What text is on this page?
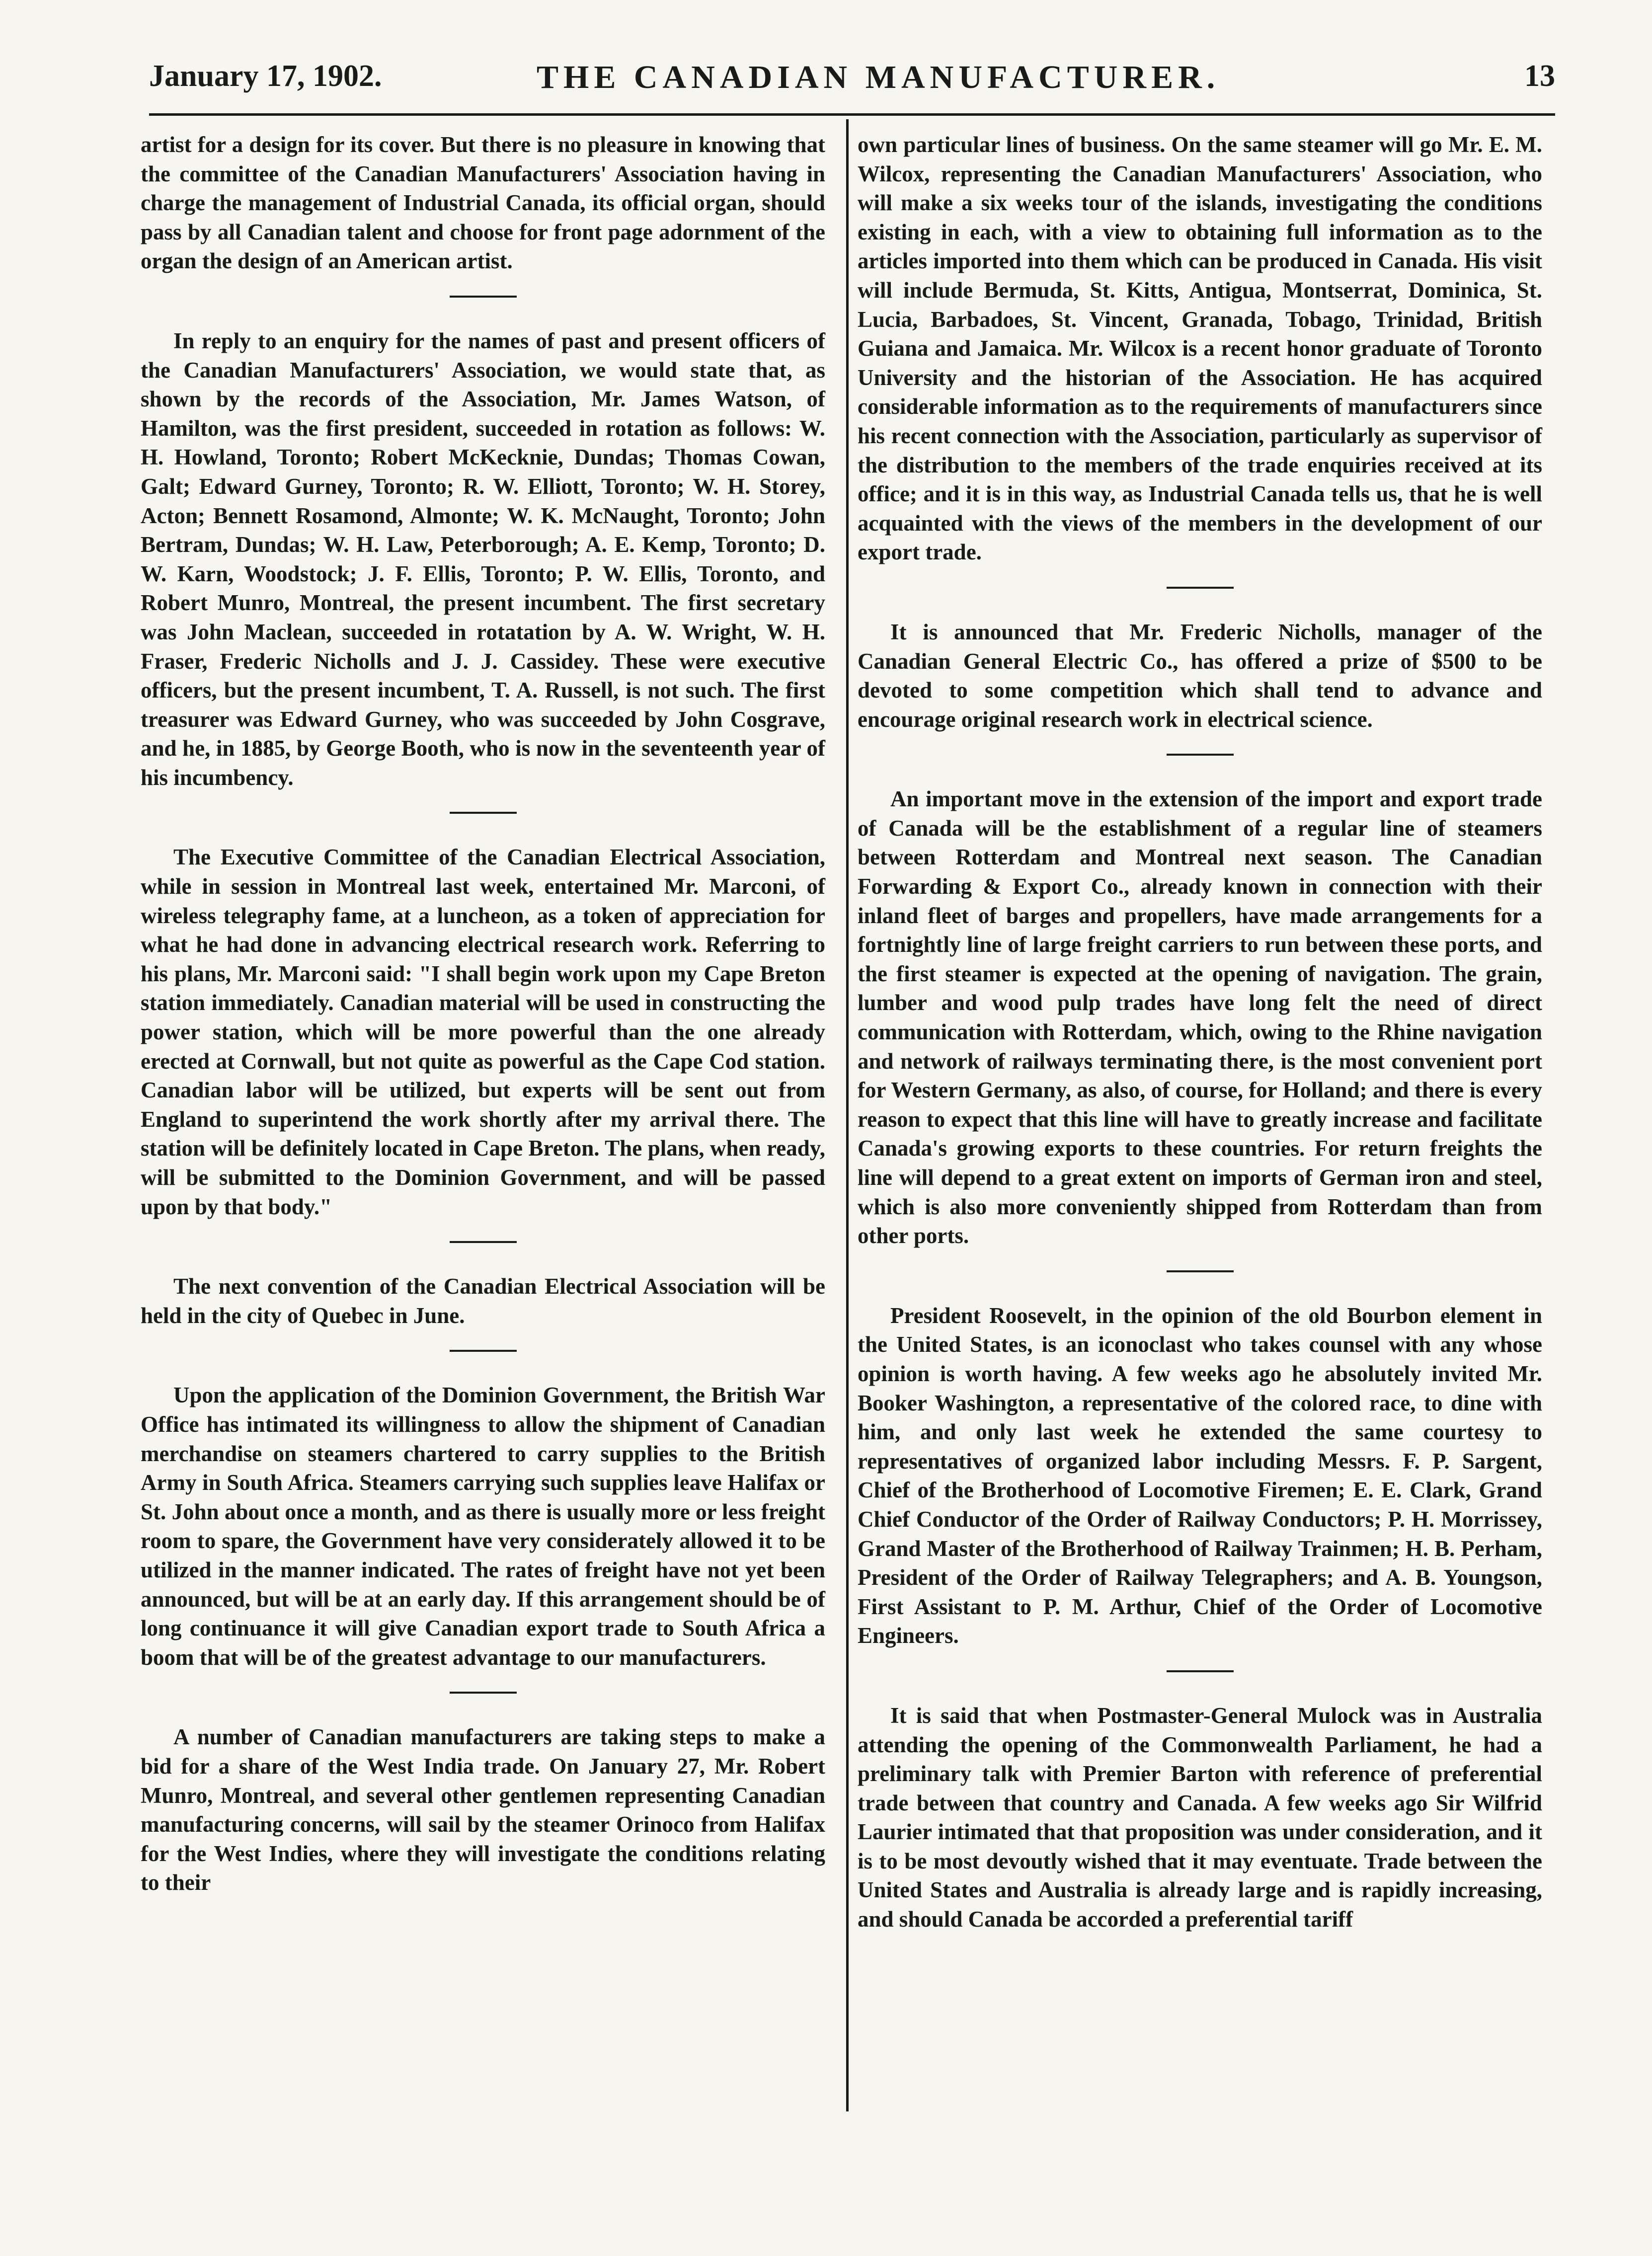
January 17, 1902.	THE CANADIAN MANUFACTURER.	13

artist for a design for its cover. But there is no pleasure in knowing that the committee of the Canadian Manufacturers' Association having in charge the management of Industrial Canada, its official organ, should pass by all Canadian talent and choose for front page adornment of the organ the design of an American artist.

In reply to an enquiry for the names of past and present officers of the Canadian Manufacturers' Association, we would state that, as shown by the records of the Association, Mr. James Watson, of Hamilton, was the first president, succeeded in rotation as follows: W. H. Howland, Toronto; Robert McKecknie, Dundas; Thomas Cowan, Galt; Edward Gurney, Toronto; R. W. Elliott, Toronto; W. H. Storey, Acton; Bennett Rosamond, Almonte; W. K. McNaught, Toronto; John Bertram, Dundas; W. H. Law, Peterborough; A. E. Kemp, Toronto; D. W. Karn, Woodstock; J. F. Ellis, Toronto; P. W. Ellis, Toronto, and Robert Munro, Montreal, the present incumbent. The first secretary was John Maclean, succeeded in rotatation by A. W. Wright, W. H. Fraser, Frederic Nicholls and J. J. Cassidey. These were executive officers, but the present incumbent, T. A. Russell, is not such. The first treasurer was Edward Gurney, who was succeeded by John Cosgrave, and he, in 1885, by George Booth, who is now in the seventeenth year of his incumbency.

The Executive Committee of the Canadian Electrical Association, while in session in Montreal last week, entertained Mr. Marconi, of wireless telegraphy fame, at a luncheon, as a token of appreciation for what he had done in advancing electrical research work. Referring to his plans, Mr. Marconi said: "I shall begin work upon my Cape Breton station immediately. Canadian material will be used in constructing the power station, which will be more powerful than the one already erected at Cornwall, but not quite as powerful as the Cape Cod station. Canadian labor will be utilized, but experts will be sent out from England to superintend the work shortly after my arrival there. The station will be definitely located in Cape Breton. The plans, when ready, will be submitted to the Dominion Government, and will be passed upon by that body."

The next convention of the Canadian Electrical Association will be held in the city of Quebec in June.

Upon the application of the Dominion Government, the British War Office has intimated its willingness to allow the shipment of Canadian merchandise on steamers chartered to carry supplies to the British Army in South Africa. Steamers carrying such supplies leave Halifax or St. John about once a month, and as there is usually more or less freight room to spare, the Government have very considerately allowed it to be utilized in the manner indicated. The rates of freight have not yet been announced, but will be at an early day. If this arrangement should be of long continuance it will give Canadian export trade to South Africa a boom that will be of the greatest advantage to our manufacturers.

A number of Canadian manufacturers are taking steps to make a bid for a share of the West India trade. On January 27, Mr. Robert Munro, Montreal, and several other gentlemen representing Canadian manufacturing concerns, will sail by the steamer Orinoco from Halifax for the West Indies, where they will investigate the conditions relating to their

own particular lines of business. On the same steamer will go Mr. E. M. Wilcox, representing the Canadian Manufacturers' Association, who will make a six weeks tour of the islands, investigating the conditions existing in each, with a view to obtaining full information as to the articles imported into them which can be produced in Canada. His visit will include Bermuda, St. Kitts, Antigua, Montserrat, Dominica, St. Lucia, Barbadoes, St. Vincent, Granada, Tobago, Trinidad, British Guiana and Jamaica. Mr. Wilcox is a recent honor graduate of Toronto University and the historian of the Association. He has acquired considerable information as to the requirements of manufacturers since his recent connection with the Association, particularly as supervisor of the distribution to the members of the trade enquiries received at its office; and it is in this way, as Industrial Canada tells us, that he is well acquainted with the views of the members in the development of our export trade.

It is announced that Mr. Frederic Nicholls, manager of the Canadian General Electric Co., has offered a prize of $500 to be devoted to some competition which shall tend to advance and encourage original research work in electrical science.

An important move in the extension of the import and export trade of Canada will be the establishment of a regular line of steamers between Rotterdam and Montreal next season. The Canadian Forwarding & Export Co., already known in connection with their inland fleet of barges and propellers, have made arrangements for a fortnightly line of large freight carriers to run between these ports, and the first steamer is expected at the opening of navigation. The grain, lumber and wood pulp trades have long felt the need of direct communication with Rotterdam, which, owing to the Rhine navigation and network of railways terminating there, is the most convenient port for Western Germany, as also, of course, for Holland; and there is every reason to expect that this line will have to greatly increase and facilitate Canada's growing exports to these countries. For return freights the line will depend to a great extent on imports of German iron and steel, which is also more conveniently shipped from Rotterdam than from other ports.

President Roosevelt, in the opinion of the old Bourbon element in the United States, is an iconoclast who takes counsel with any whose opinion is worth having. A few weeks ago he absolutely invited Mr. Booker Washington, a representative of the colored race, to dine with him, and only last week he extended the same courtesy to representatives of organized labor including Messrs. F. P. Sargent, Chief of the Brotherhood of Locomotive Firemen; E. E. Clark, Grand Chief Conductor of the Order of Railway Conductors; P. H. Morrissey, Grand Master of the Brotherhood of Railway Trainmen; H. B. Perham, President of the Order of Railway Telegraphers; and A. B. Youngson, First Assistant to P. M. Arthur, Chief of the Order of Locomotive Engineers.

It is said that when Postmaster-General Mulock was in Australia attending the opening of the Commonwealth Parliament, he had a preliminary talk with Premier Barton with reference of preferential trade between that country and Canada. A few weeks ago Sir Wilfrid Laurier intimated that that proposition was under consideration, and it is to be most devoutly wished that it may eventuate. Trade between the United States and Australia is already large and is rapidly increasing, and should Canada be accorded a preferential tariff
